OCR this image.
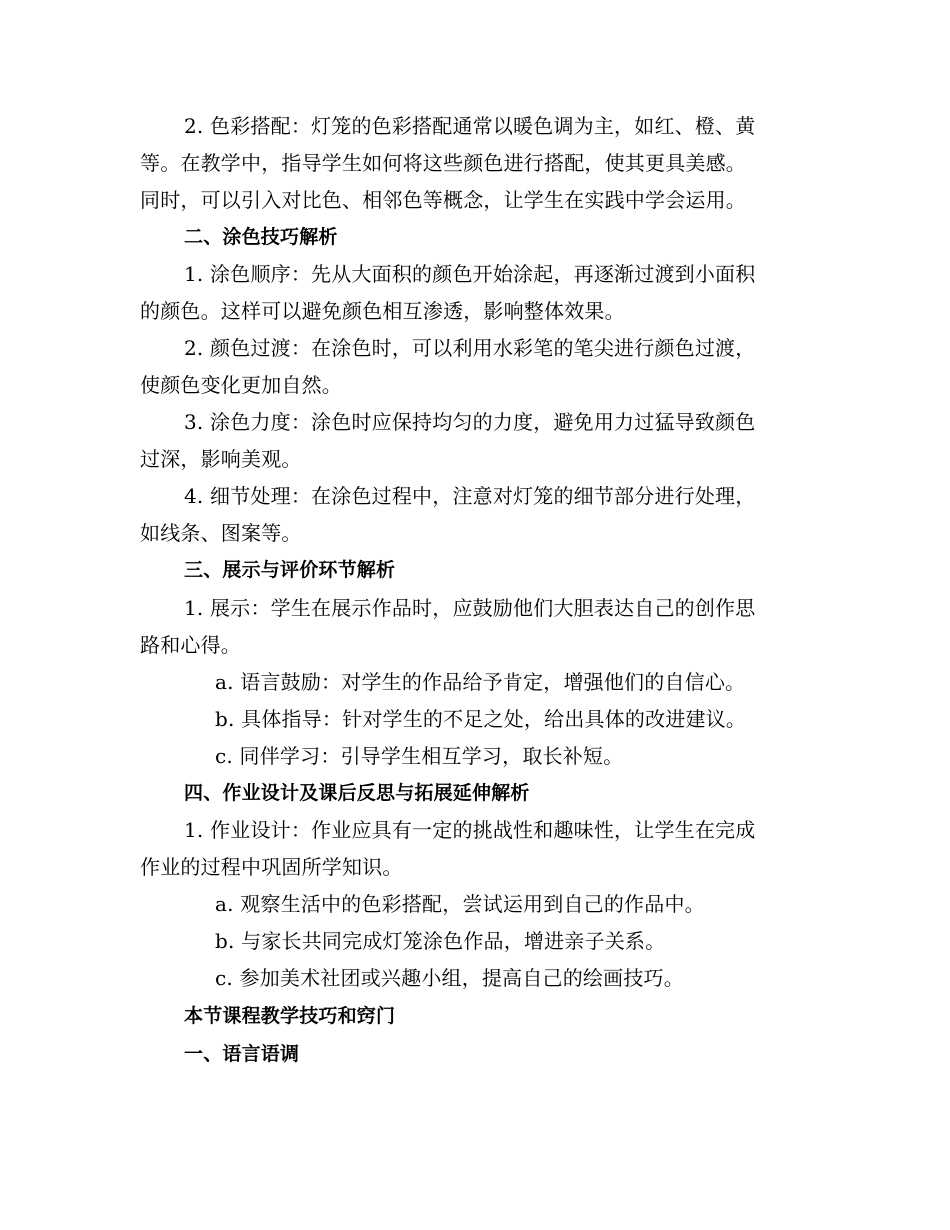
2. 色彩搭配：灯笼的色彩搭配通常以暖色调为主，如红、橙、黄
等。在教学中，指导学生如何将这些颜色进行搭配，使其更具美感。
同时，可以引入对比色、相邻色等概念，让学生在实践中学会运用。
二、涂色技巧解析
1. 涂色顺序：先从大面积的颜色开始涂起，再逐渐过渡到小面积
的颜色。这样可以避免颜色相互渗透，影响整体效果。
2. 颜色过渡：在涂色时，可以利用水彩笔的笔尖进行颜色过渡，
使颜色变化更加自然。
3. 涂色力度：涂色时应保持均匀的力度，避免用力过猛导致颜色
过深，影响美观。
4. 细节处理：在涂色过程中，注意对灯笼的细节部分进行处理，
如线条、图案等。
三、展示与评价环节解析
1. 展示：学生在展示作品时，应鼓励他们大胆表达自己的创作思
路和心得。
a. 语言鼓励：对学生的作品给予肯定，增强他们的自信心。
b. 具体指导：针对学生的不足之处，给出具体的改进建议。
c. 同伴学习：引导学生相互学习，取长补短。
四、作业设计及课后反思与拓展延伸解析
1. 作业设计：作业应具有一定的挑战性和趣味性，让学生在完成
作业的过程中巩固所学知识。
a. 观察生活中的色彩搭配，尝试运用到自己的作品中。
b. 与家长共同完成灯笼涂色作品，增进亲子关系。
c. 参加美术社团或兴趣小组，提高自己的绘画技巧。
本节课程教学技巧和窍门
一、语言语调
